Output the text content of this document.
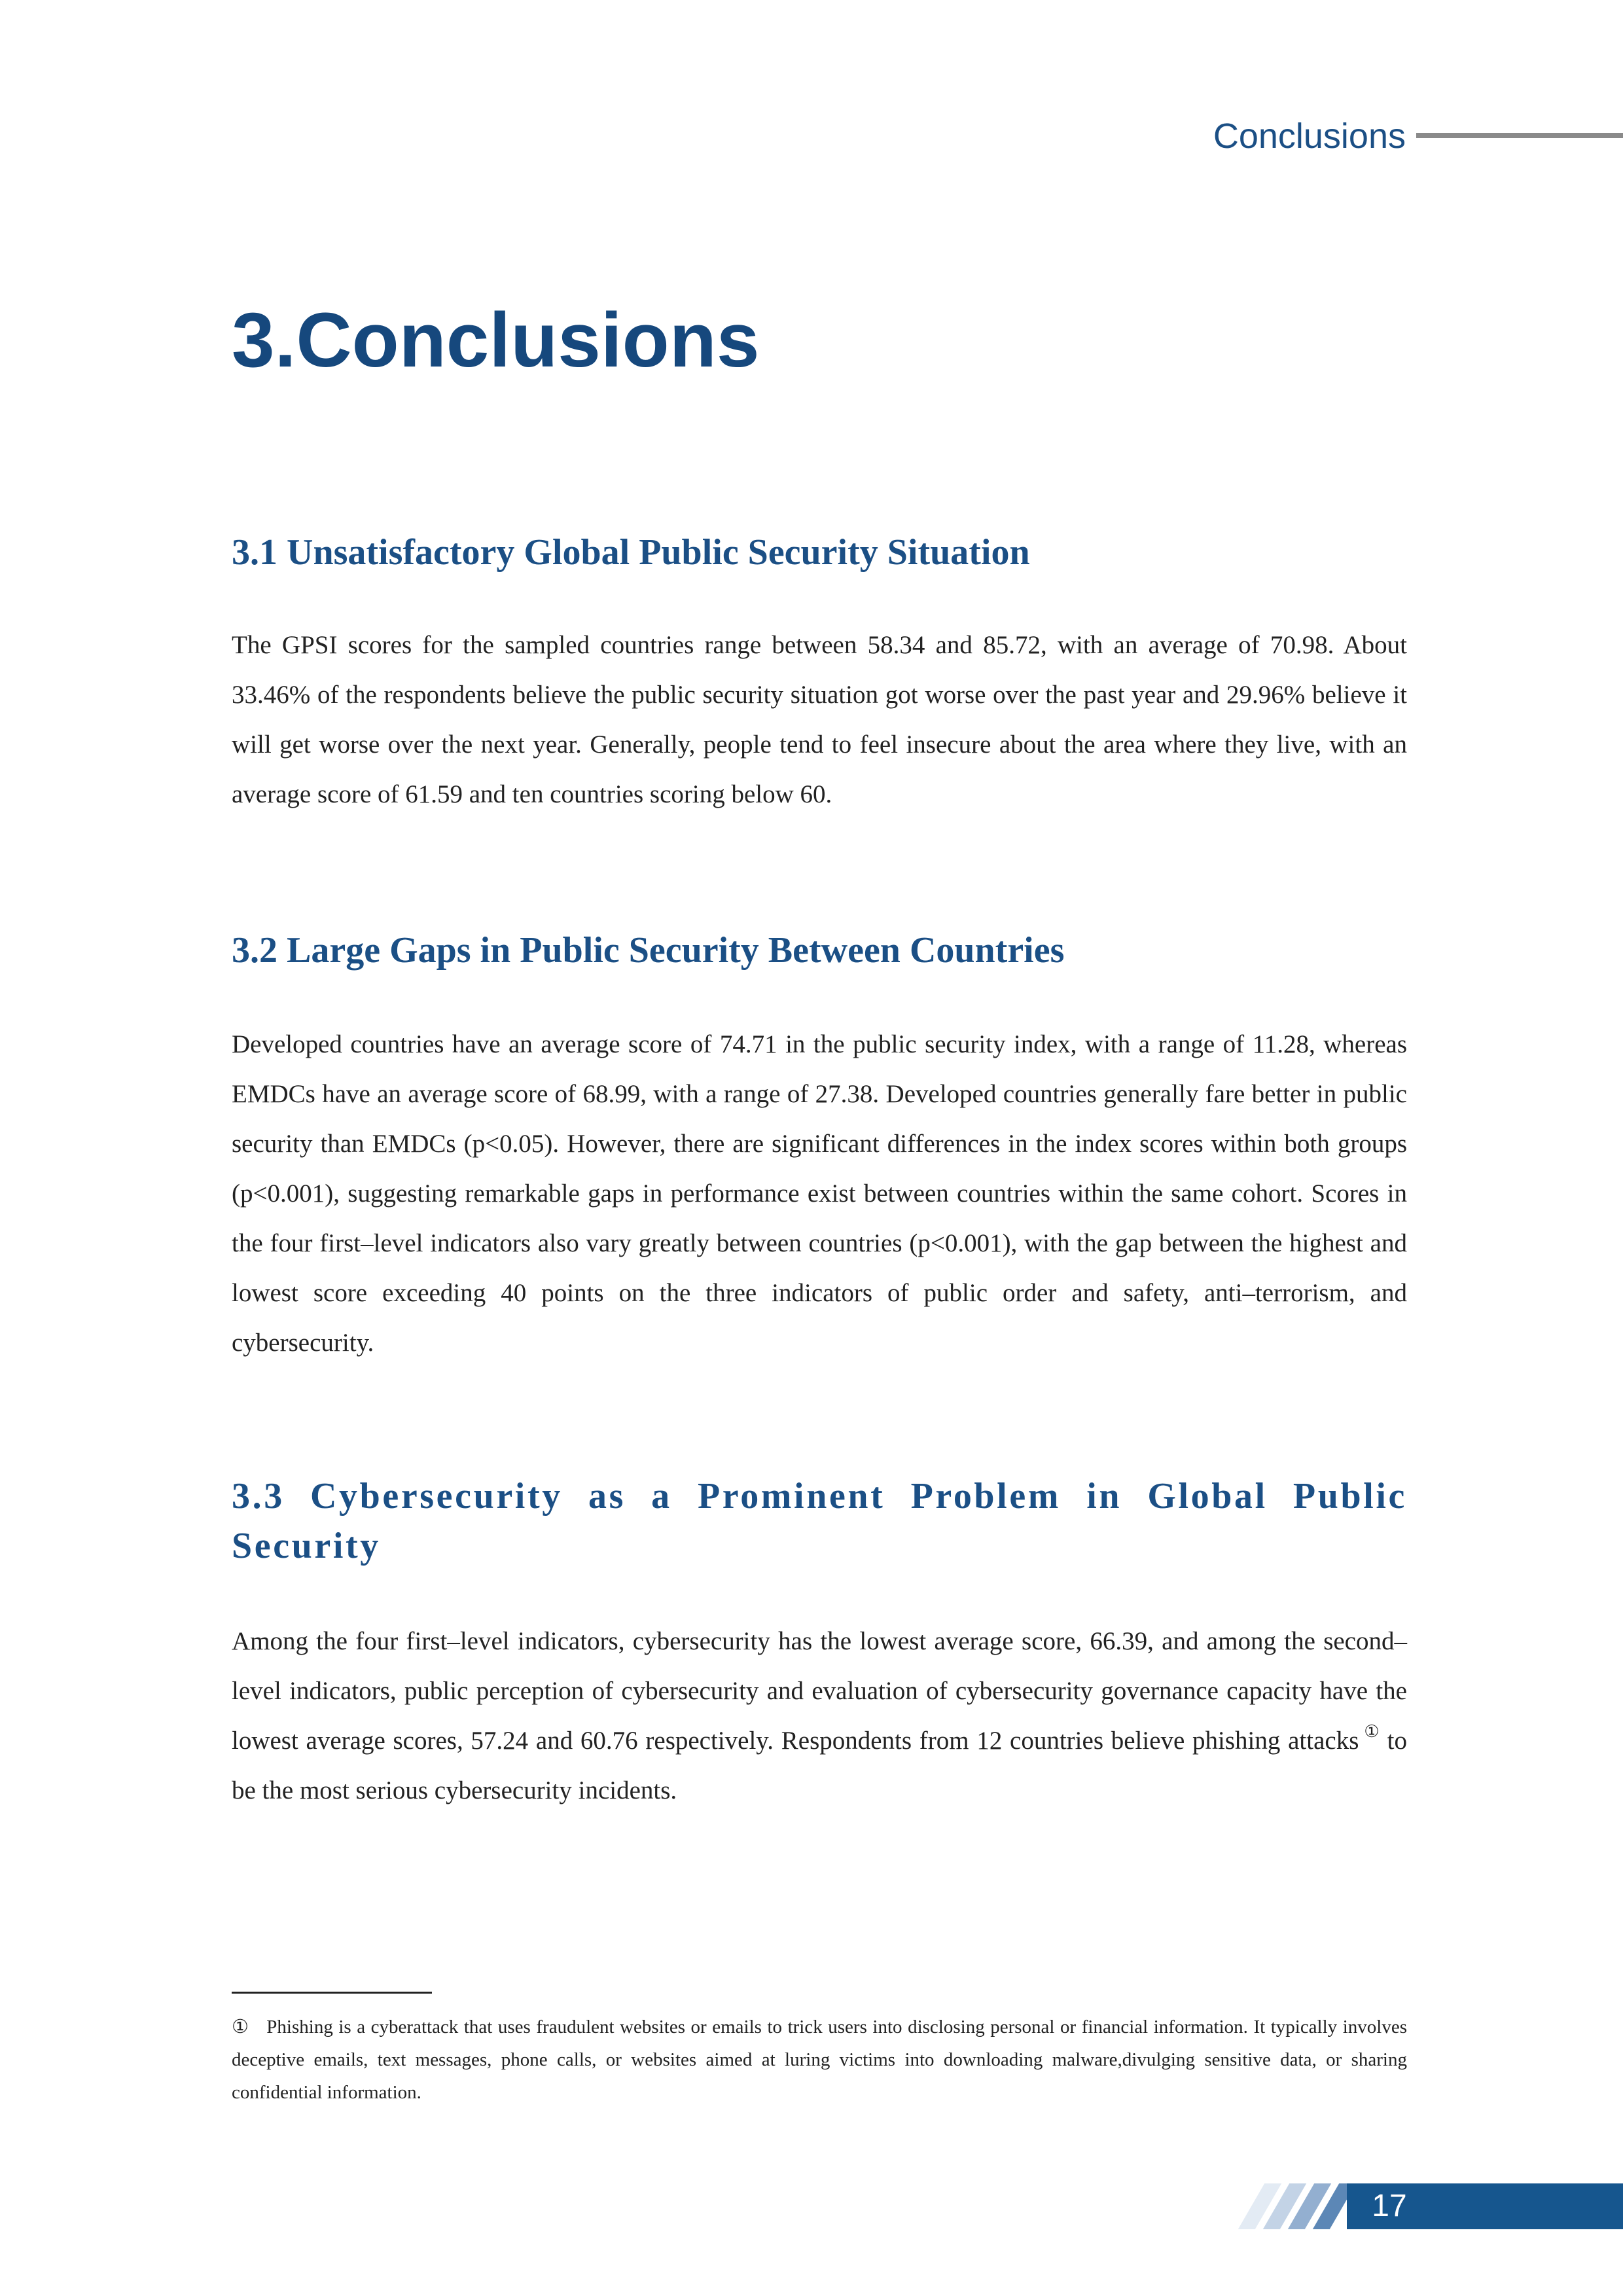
Conclusions
3.Conclusions
3.1 Unsatisfactory Global Public Security Situation

The GPSI scores for the sampled countries range between 58.34 and 85.72, with an average of 70.98. About 33.46% of the respondents believe the public security situation got worse over the past year and 29.96% believe it will get worse over the next year. Generally, people tend to feel insecure about the area where they live, with an average score of 61.59 and ten countries scoring below 60.

3.2 Large Gaps in Public Security Between Countries

Developed countries have an average score of 74.71 in the public security index, with a range of 11.28, whereas EMDCs have an average score of 68.99, with a range of 27.38. Developed countries generally fare better in public security than EMDCs (p<0.05). However, there are significant differences in the index scores within both groups (p<0.001), suggesting remarkable gaps in performance exist between countries within the same cohort. Scores in the four first–level indicators also vary greatly between countries (p<0.001), with the gap between the highest and lowest score exceeding 40 points on the three indicators of public order and safety, anti–terrorism, and cybersecurity.

3.3 Cybersecurity as a Prominent Problem in Global Public Security

Among the four first–level indicators, cybersecurity has the lowest average score, 66.39, and among the second–level indicators, public perception of cybersecurity and evaluation of cybersecurity governance capacity have the lowest average scores, 57.24 and 60.76 respectively. Respondents from 12 countries believe phishing attacks ① to be the most serious cybersecurity incidents.

① Phishing is a cyberattack that uses fraudulent websites or emails to trick users into disclosing personal or financial information. It typically involves deceptive emails, text messages, phone calls, or websites aimed at luring victims into downloading malware,divulging sensitive data, or sharing confidential information.

17
